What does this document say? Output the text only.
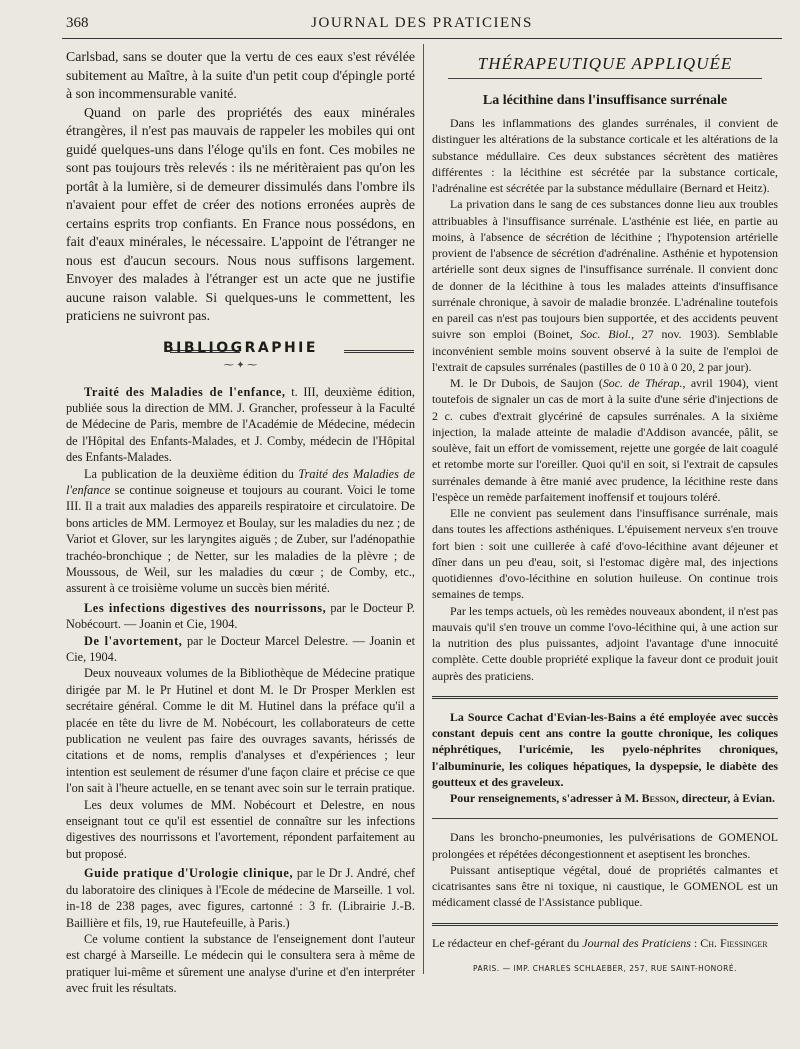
368	JOURNAL DES PRATICIENS

Carlsbad, sans se douter que la vertu de ces eaux s'est révélée subitement au Maître, à la suite d'un petit coup d'épingle porté à son incommensurable vanité.

Quand on parle des propriétés des eaux minérales étrangères, il n'est pas mauvais de rappeler les mobiles qui ont guidé quelques-uns dans l'éloge qu'ils en font. Ces mobiles ne sont pas toujours très relevés : ils ne méritèraient pas qu'on les portât à la lumière, si de demeurer dissimulés dans l'ombre ils n'avaient pour effet de créer des notions erronées auprès de certains esprits trop confiants. En France nous possédons, en fait d'eaux minérales, le nécessaire. L'appoint de l'étranger ne nous est d'aucun secours. Nous nous suffisons largement. Envoyer des malades à l'étranger est un acte que ne justifie aucune raison valable. Si quelques-uns le commettent, les praticiens ne suivront pas.

BIBLIOGRAPHIE
⁓ ✦ ⁓

Traité des Maladies de l'enfance, t. III, deuxième édition, publiée sous la direction de MM. J. Grancher, professeur à la Faculté de Médecine de Paris, membre de l'Académie de Médecine, médecin de l'Hôpital des Enfants-Malades, et J. Comby, médecin de l'Hôpital des Enfants-Malades.

La publication de la deuxième édition du Traité des Maladies de l'enfance se continue soigneuse et toujours au courant. Voici le tome III. Il a trait aux maladies des appareils respiratoire et circulatoire. De bons articles de MM. Lermoyez et Boulay, sur les maladies du nez ; de Variot et Glover, sur les laryngites aiguës ; de Zuber, sur l'adénopathie trachéo-bronchique ; de Netter, sur les maladies de la plèvre ; de Moussous, de Weil, sur les maladies du cœur ; de Comby, etc., assurent à ce troisième volume un succès bien mérité.

Les infections digestives des nourrissons, par le Docteur P. Nobécourt. — Joanin et Cie, 1904.

De l'avortement, par le Docteur Marcel Delestre. — Joanin et Cie, 1904.

Deux nouveaux volumes de la Bibliothèque de Médecine pratique dirigée par M. le Pr Hutinel et dont M. le Dr Prosper Merklen est secrétaire général. Comme le dit M. Hutinel dans la préface qu'il a placée en tête du livre de M. Nobécourt, les collaborateurs de cette publication ne veulent pas faire des ouvrages savants, hérissés de citations et de noms, remplis d'analyses et d'expériences ; leur intention est seulement de résumer d'une façon claire et précise ce que l'on sait à l'heure actuelle, en se tenant avec soin sur le terrain pratique.

Les deux volumes de MM. Nobécourt et Delestre, en nous enseignant tout ce qu'il est essentiel de connaître sur les infections digestives des nourrissons et l'avortement, répondent parfaitement au but proposé.

Guide pratique d'Urologie clinique, par le Dr J. André, chef du laboratoire des cliniques à l'Ecole de médecine de Marseille. 1 vol. in-18 de 238 pages, avec figures, cartonné : 3 fr. (Librairie J.-B. Baillière et fils, 19, rue Hautefeuille, à Paris.)

Ce volume contient la substance de l'enseignement dont l'auteur est chargé à Marseille. Le médecin qui le consultera sera à même de pratiquer lui-même et sûrement une analyse d'urine et d'en interpréter avec fruit les résultats.

THÉRAPEUTIQUE APPLIQUÉE
La lécithine dans l'insuffisance surrénale

Dans les inflammations des glandes surrénales, il convient de distinguer les altérations de la substance corticale et les altérations de la substance médullaire. Ces deux substances sécrètent des matières différentes : la lécithine est sécrétée par la substance corticale, l'adrénaline est sécrétée par la substance médullaire (Bernard et Heitz).

La privation dans le sang de ces substances donne lieu aux troubles attribuables à l'insuffisance surrénale. L'asthénie est liée, en partie au moins, à l'absence de sécrétion de lécithine ; l'hypotension artérielle provient de l'absence de sécrétion d'adrénaline. Asthénie et hypotension artérielle sont deux signes de l'insuffisance surrénale. Il convient donc de donner de la lécithine à tous les malades atteints d'insuffisance surrénale chronique, à savoir de maladie bronzée. L'adrénaline toutefois en pareil cas n'est pas toujours bien supportée, et des accidents peuvent suivre son emploi (Boinet, Soc. Biol., 27 nov. 1903). Semblable inconvénient semble moins souvent observé à la suite de l'emploi de l'extrait de capsules surrénales (pastilles de 0 10 à 0 20, 2 par jour).

M. le Dr Dubois, de Saujon (Soc. de Thérap., avril 1904), vient toutefois de signaler un cas de mort à la suite d'une série d'injections de 2 c. cubes d'extrait glycériné de capsules surrénales. A la sixième injection, la malade atteinte de maladie d'Addison avancée, pâlit, se soulève, fait un effort de vomissement, rejette une gorgée de lait coagulé et retombe morte sur l'oreiller. Quoi qu'il en soit, si l'extrait de capsules surrénales demande à être manié avec prudence, la lécithine reste dans l'espèce un remède parfaitement inoffensif et toujours toléré.

Elle ne convient pas seulement dans l'insuffisance surrénale, mais dans toutes les affections asthéniques. L'épuisement nerveux s'en trouve fort bien : soit une cuillerée à café d'ovo-lécithine avant déjeuner et dîner dans un peu d'eau, soit, si l'estomac digère mal, des injections quotidiennes d'ovo-lécithine en solution huileuse. On continue trois semaines de temps.

Par les temps actuels, où les remèdes nouveaux abondent, il n'est pas mauvais qu'il s'en trouve un comme l'ovo-lécithine qui, à une action sur la nutrition des plus puissantes, adjoint l'avantage d'une innocuité complète. Cette double propriété explique la faveur dont ce produit jouit auprès des praticiens.

La Source Cachat d'Evian-les-Bains a été employée avec succès constant depuis cent ans contre la goutte chronique, les coliques néphrétiques, l'uricémie, les pyelo-néphrites chroniques, l'albuminurie, les coliques hépatiques, la dyspepsie, le diabète des goutteux et des graveleux.

Pour renseignements, s'adresser à M. Besson, directeur, à Evian.

Dans les broncho-pneumonies, les pulvérisations de GOMENOL prolongées et répétées décongestionnent et aseptisent les bronches.

Puissant antiseptique végétal, doué de propriétés calmantes et cicatrisantes sans être ni toxique, ni caustique, le GOMENOL est un médicament classé de l'Assistance publique.

Le rédacteur en chef-gérant du Journal des Praticiens : Ch. Fiessinger

PARIS. — IMP. CHARLES SCHLAEBER, 257, RUE SAINT-HONORÉ.
